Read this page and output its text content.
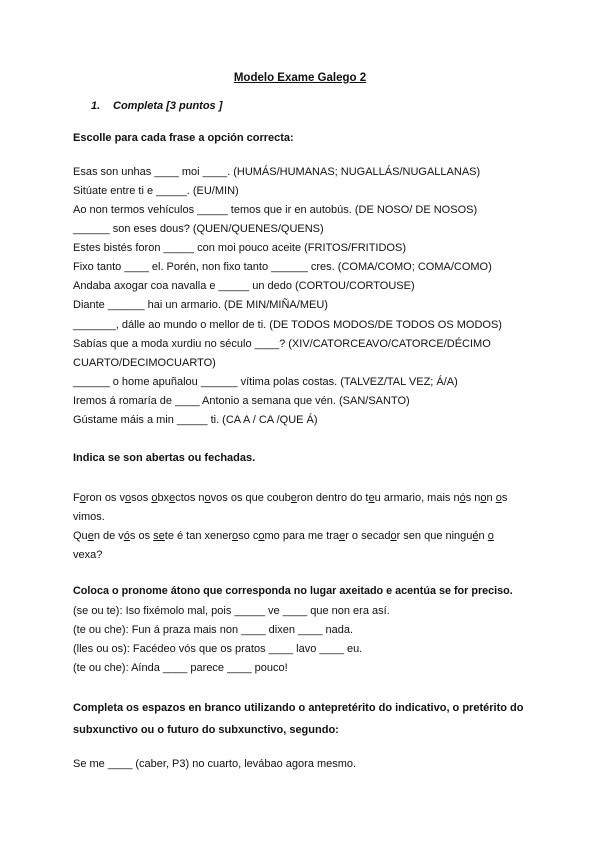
Modelo Exame Galego 2
1. Completa [3 puntos ]
Escolle para cada frase a opción correcta:
Esas son unhas ____ moi ____. (HUMÁS/HUMANAS; NUGALLÁS/NUGALLANAS)
Sitúate entre ti e _____. (EU/MIN)
Ao non termos vehículos _____ temos que ir en autobús. (DE NOSO/ DE NOSOS)
______ son eses dous? (QUEN/QUENES/QUENS)
Estes bistés foron _____ con moi pouco aceite (FRITOS/FRITIDOS)
Fixo tanto ____ el. Porén, non fixo tanto ______ cres. (COMA/COMO; COMA/COMO)
Andaba axogar coa navalla e _____ un dedo (CORTOU/CORTOUSE)
Diante ______ hai un armario. (DE MIN/MIÑA/MEU)
_______, dálle ao mundo o mellor de ti. (DE TODOS MODOS/DE TODOS OS MODOS)
Sabías que a moda xurdiu no século ____? (XIV/CATORCEAVO/CATORCE/DÉCIMO
CUARTO/DECIMOCUARTO)
______ o home apuñalou ______ vítima polas costas. (TALVEZ/TAL VEZ; Á/A)
Iremos á romaría de ____ Antonio a semana que vén. (SAN/SANTO)
Gústame máis a min _____ ti. (CA A / CA /QUE Á)
Indica se son abertas ou fechadas.
Foron os vosos obxectos novos os que couberon dentro do teu armario, mais nós non os
vimos.
Quen de vós os sete é tan xeneroso como para me traer o secador sen que ninguén o
vexa?
Coloca o pronome átono que corresponda no lugar axeitado e acentúa se for preciso.
(se ou te): Iso fixémolo mal, pois _____ ve ____ que non era así.
(te ou che): Fun á praza mais non ____ dixen ____ nada.
(lles ou os): Facédeo vós que os pratos ____ lavo ____ eu.
(te ou che): Aínda ____ parece ____ pouco!
Completa os espazos en branco utilizando o antepretérito do indicativo, o pretérito do subxunctivo ou o futuro do subxunctivo, segundo:
Se me ____ (caber, P3) no cuarto, levábao agora mesmo.
